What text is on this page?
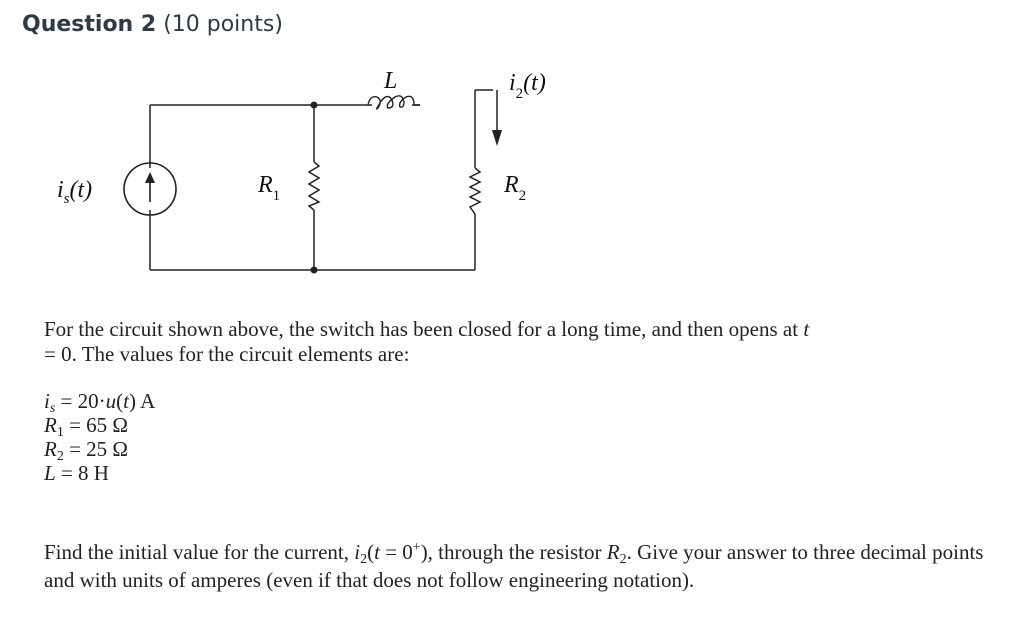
Question 2 (10 points)
is(t)	R1
L	i2(t)
R2

For the circuit shown above, the switch has been closed for a long time, and then opens at t
= 0. The values for the circuit elements are:

$i_s = 20\cdot u(t)$ A
$R_1 = 65$ Ω
$R_2 = 25$ Ω
L = 8 H

Find the initial value for the current, $i_2(t = 0^+)$, through the resistor $R_2$. Give your answer to three decimal points and with units of amperes (even if that does not follow engineering notation).
